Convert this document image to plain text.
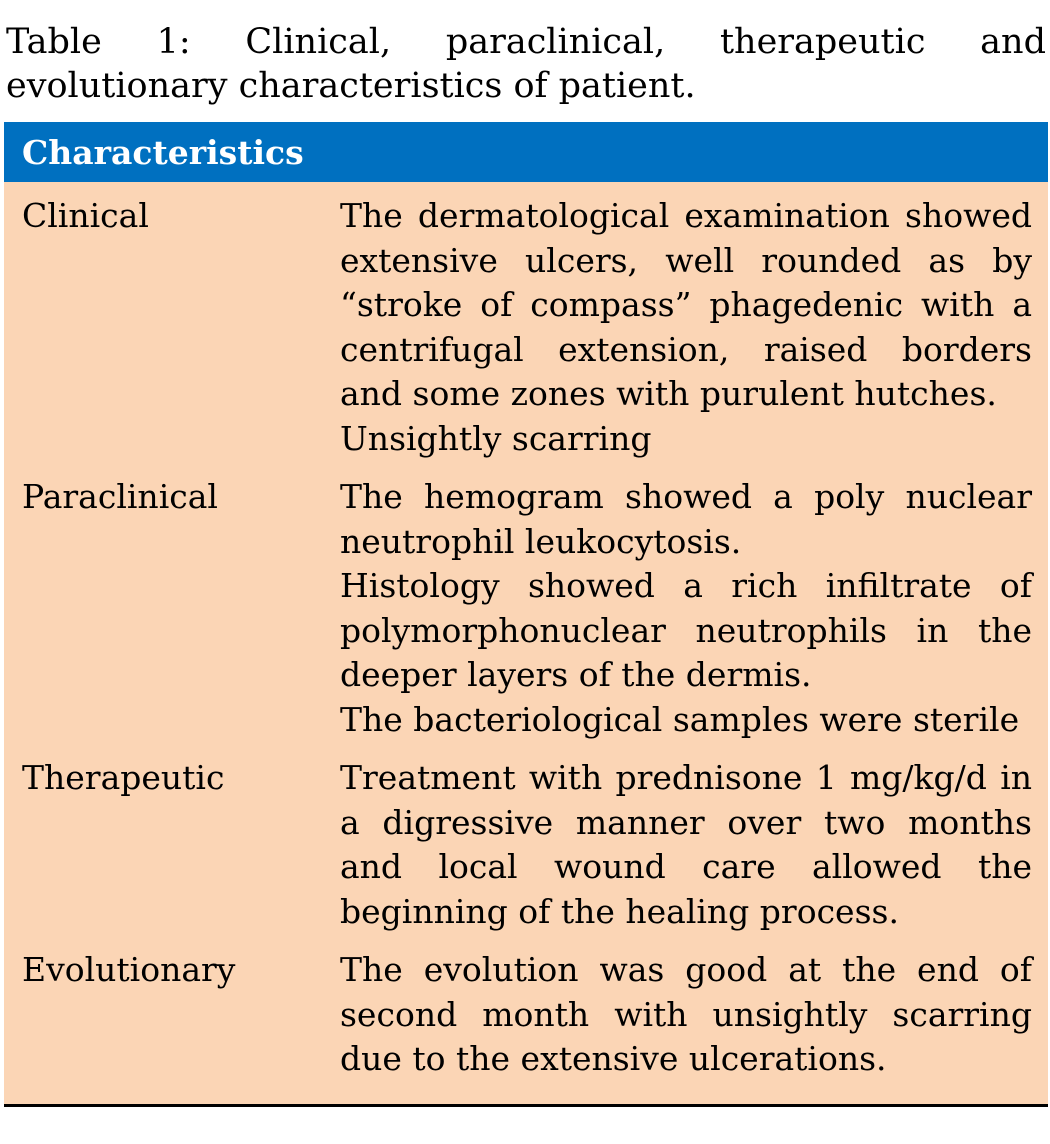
Table 1: Clinical, paraclinical, therapeutic and evolutionary characteristics of patient.

Characteristics
Clinical	The dermatological examination showed extensive ulcers, well rounded as by “stroke of compass” phagedenic with a centrifugal extension, raised borders and some zones with purulent hutches.

Unsightly scarring

Paraclinical	The hemogram showed a poly nuclear neutrophil leukocytosis.

Histology showed a rich infiltrate of polymorphonuclear neutrophils in the deeper layers of the dermis.

The bacteriological samples were sterile

Therapeutic	Treatment with prednisone 1 mg/kg/d in a digressive manner over two months and local wound care allowed the beginning of the healing process.

Evolutionary	The evolution was good at the end of second month with unsightly scarring due to the extensive ulcerations.
